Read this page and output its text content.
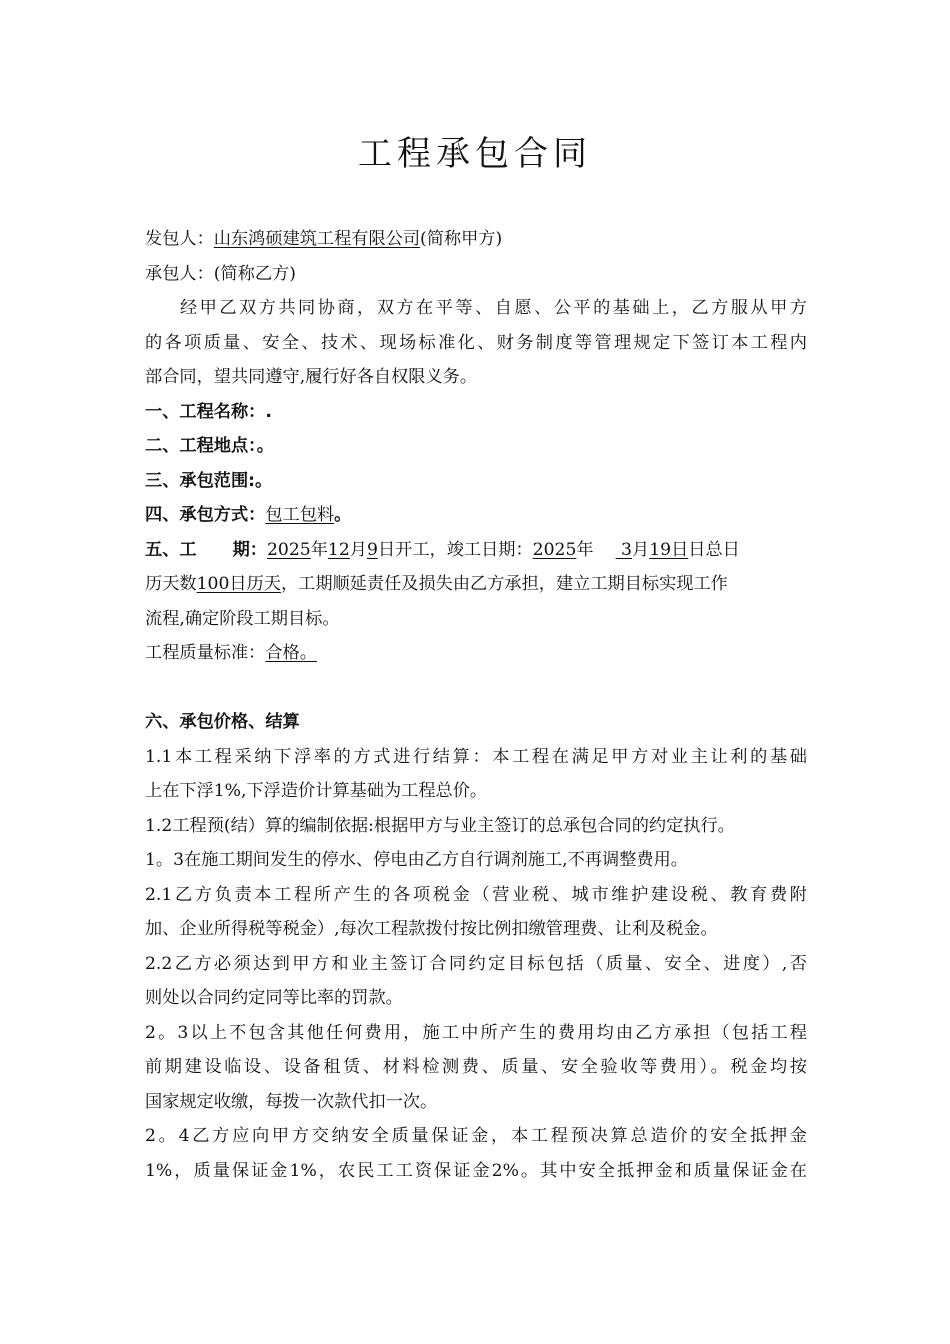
工程承包合同
发包人：山东鸿硕建筑工程有限公司(简称甲方)
承包人：(简称乙方)
经甲乙双方共同协商，双方在平等、自愿、公平的基础上，乙方服从甲方
的各项质量、安全、技术、现场标准化、财务制度等管理规定下签订本工程内
部合同，望共同遵守,履行好各自权限义务。
一、工程名称：.
二、工程地点：。
三、承包范围:。
四、承包方式：包工包料。
五、工 期：2025年12月9日开工，竣工日期：2025年 3月19日日总日
历天数100日历天，工期顺延责任及损失由乙方承担，建立工期目标实现工作
流程,确定阶段工期目标。
工程质量标准：合格。
六、承包价格、结算
1.1本工程采纳下浮率的方式进行结算：本工程在满足甲方对业主让利的基础
上在下浮1%,下浮造价计算基础为工程总价。
1.2工程预(结）算的编制依据:根据甲方与业主签订的总承包合同的约定执行。
1。3在施工期间发生的停水、停电由乙方自行调剂施工,不再调整费用。
2.1乙方负责本工程所产生的各项税金（营业税、城市维护建设税、教育费附
加、企业所得税等税金）,每次工程款拨付按比例扣缴管理费、让利及税金。
2.2乙方必须达到甲方和业主签订合同约定目标包括（质量、安全、进度）,否
则处以合同约定同等比率的罚款。
2。3以上不包含其他任何费用，施工中所产生的费用均由乙方承担（包括工程
前期建设临设、设备租赁、材料检测费、质量、安全验收等费用）。税金均按
国家规定收缴，每拨一次款代扣一次。
2。4乙方应向甲方交纳安全质量保证金，本工程预决算总造价的安全抵押金
1%，质量保证金1%，农民工工资保证金2%。其中安全抵押金和质量保证金在
